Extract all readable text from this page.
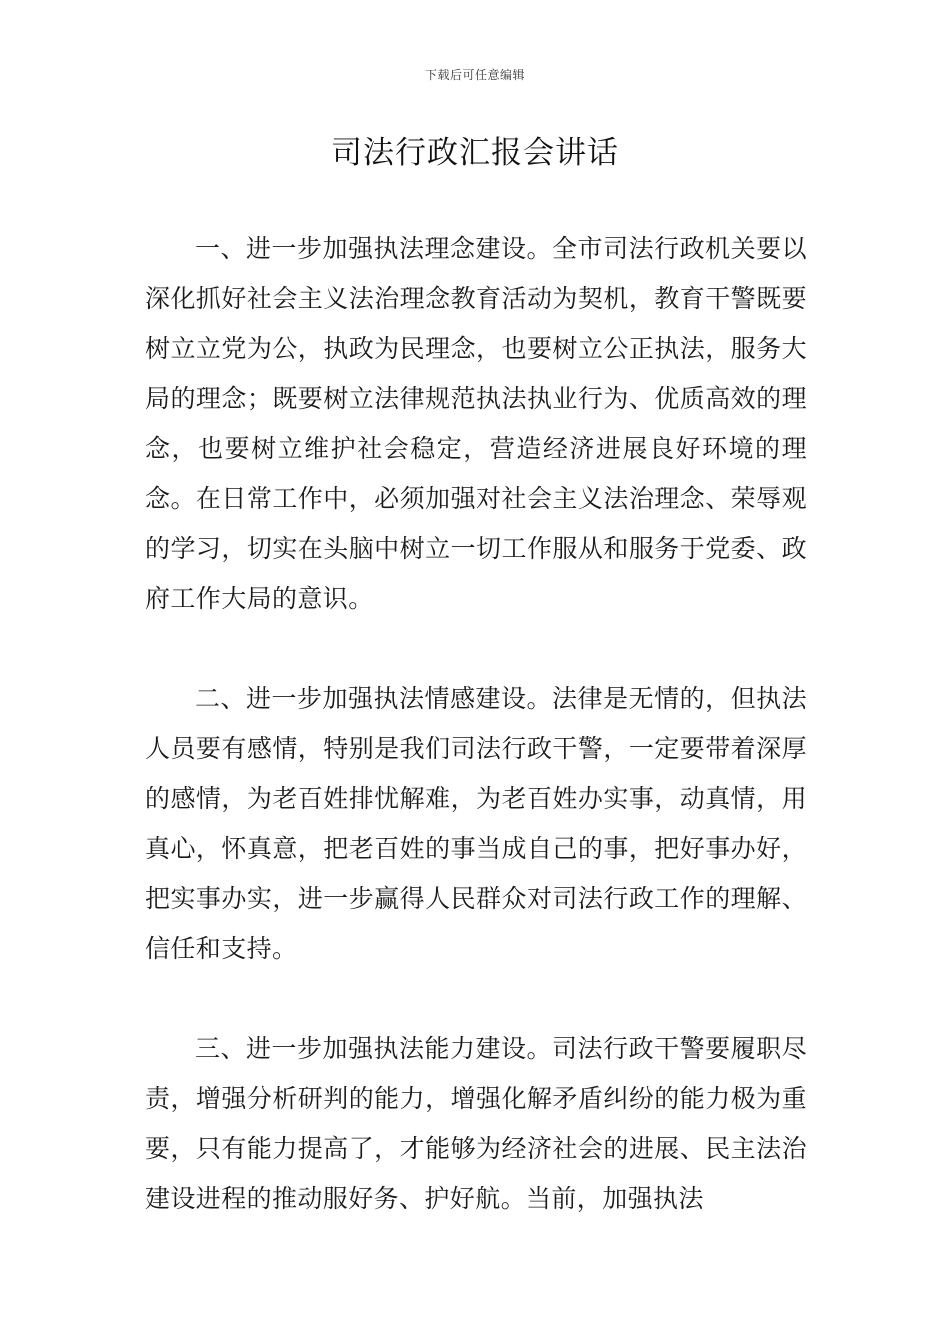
下载后可任意编辑
司法行政汇报会讲话

一、进一步加强执法理念建设。全市司法行政机关要以深化抓好社会主义法治理念教育活动为契机，教育干警既要树立立党为公，执政为民理念，也要树立公正执法，服务大局的理念；既要树立法律规范执法执业行为、优质高效的理念，也要树立维护社会稳定，营造经济进展良好环境的理念。在日常工作中，必须加强对社会主义法治理念、荣辱观的学习，切实在头脑中树立一切工作服从和服务于党委、政府工作大局的意识。

二、进一步加强执法情感建设。法律是无情的，但执法人员要有感情，特别是我们司法行政干警，一定要带着深厚的感情，为老百姓排忧解难，为老百姓办实事，动真情，用真心，怀真意，把老百姓的事当成自己的事，把好事办好，把实事办实，进一步赢得人民群众对司法行政工作的理解、信任和支持。

三、进一步加强执法能力建设。司法行政干警要履职尽责，增强分析研判的能力，增强化解矛盾纠纷的能力极为重要，只有能力提高了，才能够为经济社会的进展、民主法治建设进程的推动服好务、护好航。当前，加强执法
